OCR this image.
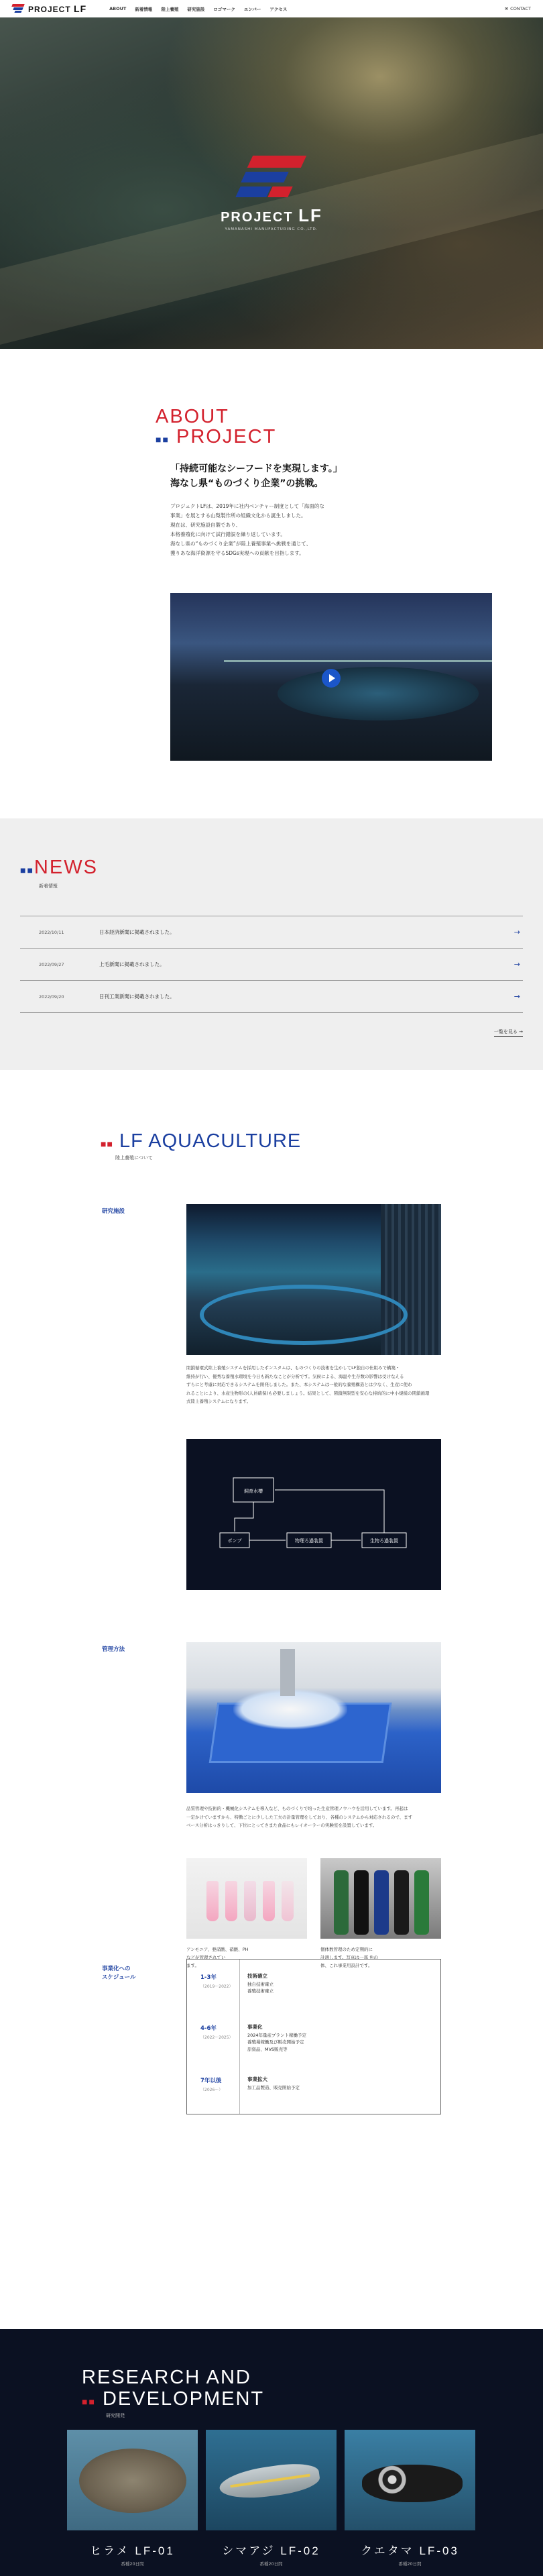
PROJECT LF	ABOUT 新着情報 陸上養殖 研究施設 ロゴマーク エンバー アクセス	✉ CONTACT
PROJECT LF
YAMANASHI MANUFACTURING CO.,LTD.
ABOUT
■■ PROJECT
「持続可能なシーフードを実現します。」
海なし県“ものづくり企業”の挑戦。
プロジェクトLFは、2019年に社内ベンチャー制度として「海面的な
事業」を展とする山梨製作所の組織文化から誕生しました。
現在は、研究施設自製であり、
本格養殖化に向けて試行錯誤を繰り返しています。
海なし県の“ものづくり企業”が陸上養殖事業へ挑戦を通じて、
獲りあな海洋資源を守るSDGs実現への貢献を目指します。
■■NEWS
新着情報
2022/10/11	日本経済新聞に掲載されました。	→
2022/09/27	上毛新聞に掲載されました。	→
2022/09/20	日刊工業新聞に掲載されました。	→
一覧を見る →
■■ LF AQUACULTURE
陸上養殖について
研究施設
閉鎖循環式陸上養殖システムを採用したポンスタムは、ものづくりの技術を生かしてLF独自の仕組みで構築・
維持が行い、優秀な養殖水環境を今日も新たなことが分析です。気候による、海温や生存数の影響は受けなえる
ずらにと考慮に対応できるシステムを開発しました。また、本システムは一般的な養殖構造とは少なく、生産に使わ
れることにより、水産生物形の(人員確保)も必要しましょう。結果として、閉鎖無限型を安心な持続的に中小規模の閉鎖循環
式陸上養殖システムになります。
飼育水槽
ポンプ	物理ろ過装置	生物ろ過装置
管理方法
品質管理や技術的・機械化システムを導入など、ものづくりで培った生産管理ノウハウを活用しています。再起は
一定かけていますから、特徴ごとに少しした工夫の計量管理をしており、各種のシステムから対応されるので、ます
ベース分析はっきりして、下位にとってさまた食品にもレイオーラーの実験室を設置しています。
アンモニア、亜硝酸、硝酸、PH
などが管理されてい
ます。
個体数管理のため定期的に
計測します。写真は一部 魚の
体、これ事業用設計です。
事業化への
スケジュール	1-3年
（2019〜2022）
技術確立
独自技術確立
養殖技術確立
4-6年
（2022〜2025）
事業化
2024年量産プラント稼働予定
養殖場稼働及び販売開始予定
原資品、MVS販売等
7年以後
（2026〜）
事業拡大
加工品製造、販売開始予定
RESEARCH AND
■■ DEVELOPMENT
研究開発
ヒラメ LF-01
番種20日間
シマアジ LF-02
番種20日間
クエタマ LF-03
番種20日間
